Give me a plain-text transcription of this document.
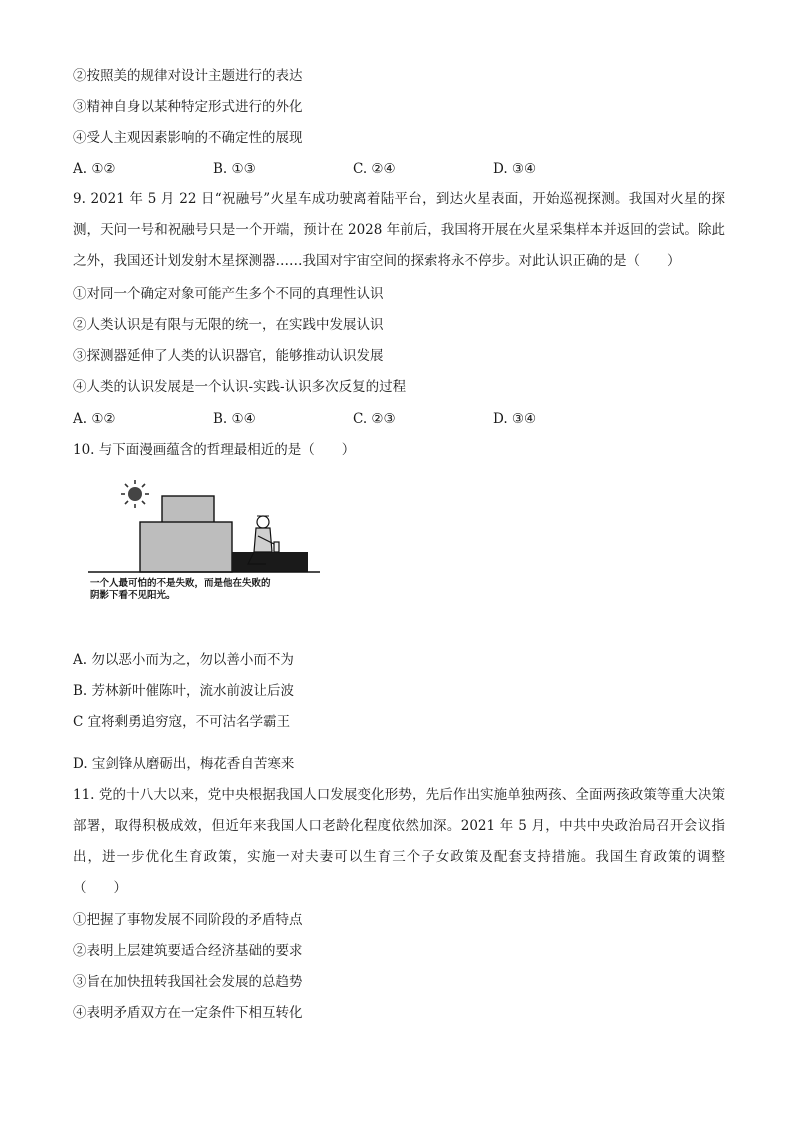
②按照美的规律对设计主题进行的表达
③精神自身以某种特定形式进行的外化
④受人主观因素影响的不确定性的展现
A. ①②	B. ①③	C. ②④	D. ③④
9. 2021 年 5 月 22 日“祝融号”火星车成功驶离着陆平台，到达火星表面，开始巡视探测。我国对火星的探测，天问一号和祝融号只是一个开端，预计在 2028 年前后，我国将开展在火星采集样本并返回的尝试。除此之外，我国还计划发射木星探测器……我国对宇宙空间的探索将永不停步。对此认识正确的是（　　）
①对同一个确定对象可能产生多个不同的真理性认识
②人类认识是有限与无限的统一，在实践中发展认识
③探测器延伸了人类的认识器官，能够推动认识发展
④人类的认识发展是一个认识-实践-认识多次反复的过程
A. ①②	B. ①④	C. ②③	D. ③④
10. 与下面漫画蕴含的哲理最相近的是（　　）
一个人最可怕的不是失败，而是他在失败的
阴影下看不见阳光。
A. 勿以恶小而为之，勿以善小而不为
B. 芳林新叶催陈叶，流水前波让后波
C 宜将剩勇追穷寇，不可沽名学霸王
D. 宝剑锋从磨砺出，梅花香自苦寒来
11. 党的十八大以来，党中央根据我国人口发展变化形势，先后作出实施单独两孩、全面两孩政策等重大决策部署，取得积极成效，但近年来我国人口老龄化程度依然加深。2021 年 5 月，中共中央政治局召开会议指出，进一步优化生育政策，实施一对夫妻可以生育三个子女政策及配套支持措施。我国生育政策的调整（　　）
①把握了事物发展不同阶段的矛盾特点
②表明上层建筑要适合经济基础的要求
③旨在加快扭转我国社会发展的总趋势
④表明矛盾双方在一定条件下相互转化
